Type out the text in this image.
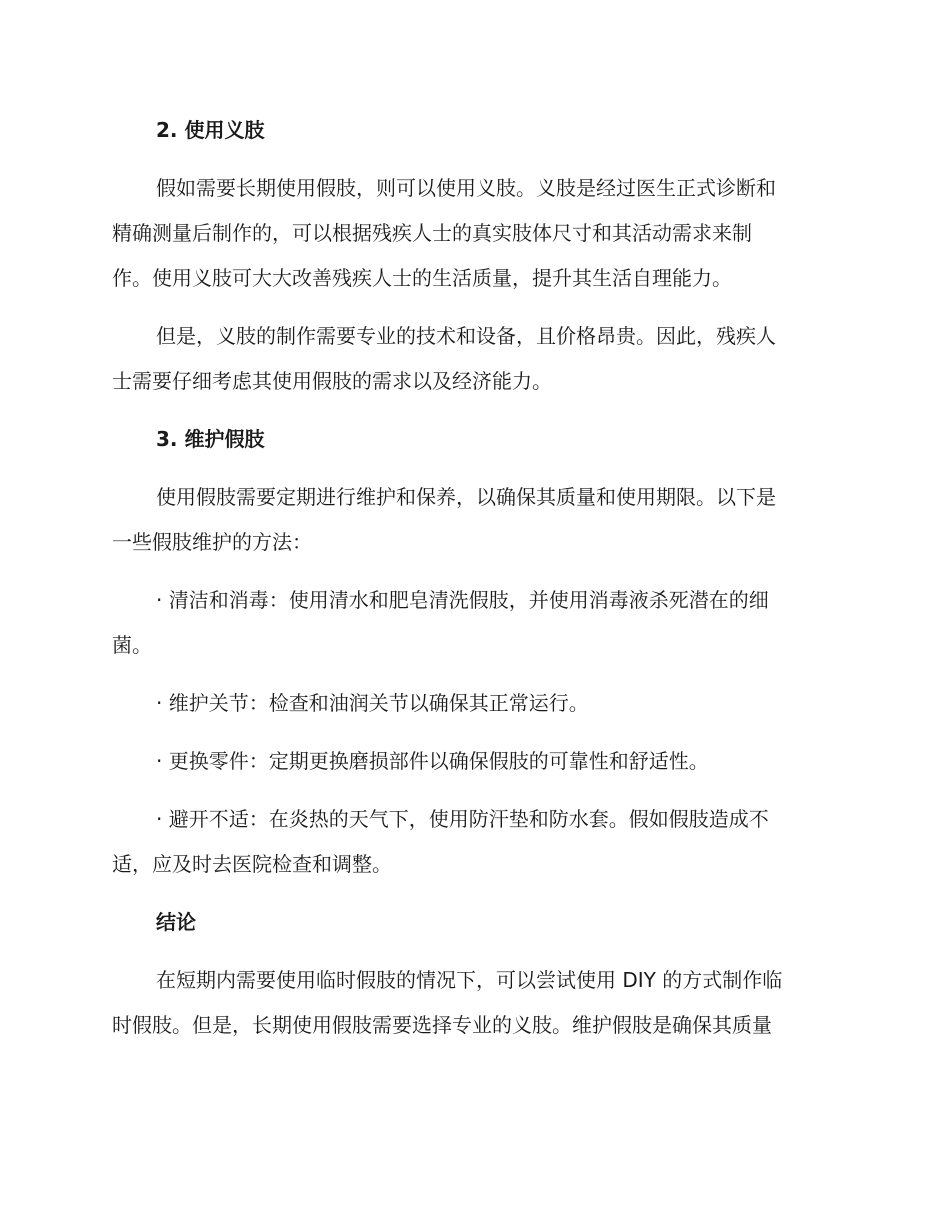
2. 使用义肢
假如需要长期使用假肢，则可以使用义肢。义肢是经过医生正式诊断和
精确测量后制作的，可以根据残疾人士的真实肢体尺寸和其活动需求来制
作。使用义肢可大大改善残疾人士的生活质量，提升其生活自理能力。
但是，义肢的制作需要专业的技术和设备，且价格昂贵。因此，残疾人
士需要仔细考虑其使用假肢的需求以及经济能力。
3. 维护假肢
使用假肢需要定期进行维护和保养，以确保其质量和使用期限。以下是
一些假肢维护的方法：
· 清洁和消毒：使用清水和肥皂清洗假肢，并使用消毒液杀死潜在的细
菌。
· 维护关节：检查和油润关节以确保其正常运行。
· 更换零件：定期更换磨损部件以确保假肢的可靠性和舒适性。
· 避开不适：在炎热的天气下，使用防汗垫和防水套。假如假肢造成不
适，应及时去医院检查和调整。
结论
在短期内需要使用临时假肢的情况下，可以尝试使用 DIY 的方式制作临
时假肢。但是，长期使用假肢需要选择专业的义肢。维护假肢是确保其质量
